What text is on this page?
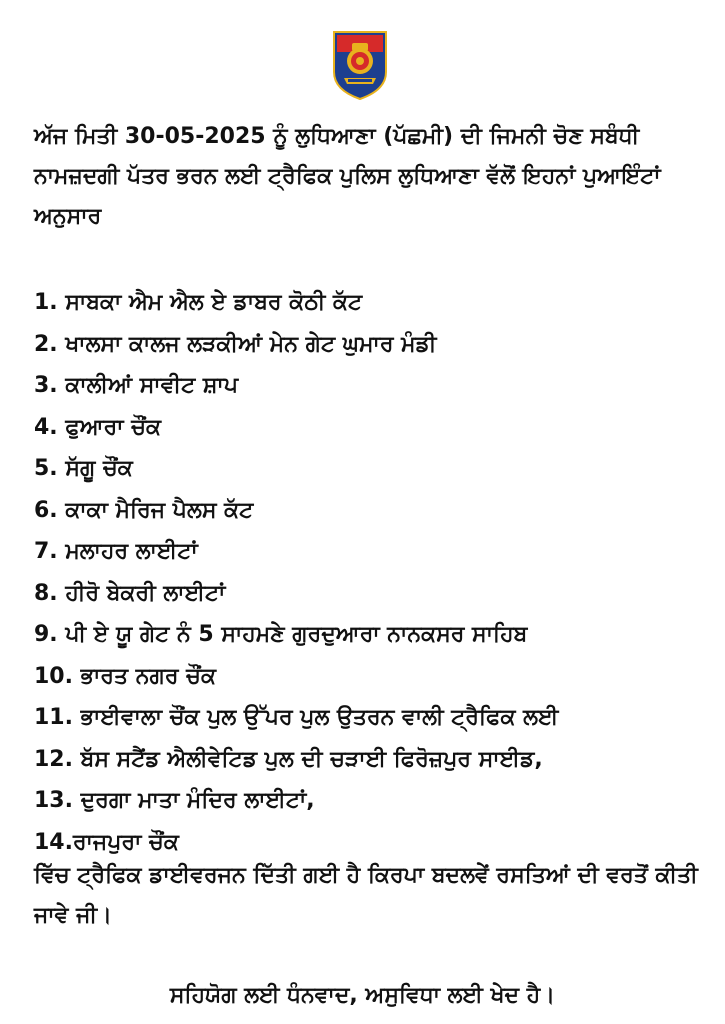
ਅੱਜ ਮਿਤੀ 30-05-2025 ਨੂੰ ਲੁਧਿਆਣਾ (ਪੱਛਮੀ) ਦੀ ਜਿਮਨੀ ਚੋਣ ਸਬੰਧੀ ਨਾਮਜ਼ਦਗੀ ਪੱਤਰ ਭਰਨ ਲਈ ਟ੍ਰੈਫਿਕ ਪੁਲਿਸ ਲੁਧਿਆਣਾ ਵੱਲੋਂ ਇਹਨਾਂ ਪੁਆਇੰਟਾਂ ਅਨੁਸਾਰ

1. ਸਾਬਕਾ ਐਮ ਐਲ ਏ ਡਾਬਰ ਕੋਠੀ ਕੱਟ
2. ਖਾਲਸਾ ਕਾਲਜ ਲੜਕੀਆਂ ਮੇਨ ਗੇਟ ਘੁਮਾਰ ਮੰਡੀ
3. ਕਾਲੀਆਂ ਸਾਵੀਟ ਸ਼ਾਪ
4. ਫੁਆਰਾ ਚੌਂਕ
5. ਸੱਗੂ ਚੌਂਕ
6. ਕਾਕਾ ਮੈਰਿਜ ਪੈਲਸ ਕੱਟ
7. ਮਲਾਹਰ ਲਾਈਟਾਂ
8. ਹੀਰੋ ਬੇਕਰੀ ਲਾਈਟਾਂ
9. ਪੀ ਏ ਯੂ ਗੇਟ ਨੰ 5 ਸਾਹਮਣੇ ਗੁਰਦੁਆਰਾ ਨਾਨਕਸਰ ਸਾਹਿਬ
10. ਭਾਰਤ ਨਗਰ ਚੌਂਕ
11. ਭਾਈਵਾਲਾ ਚੌਂਕ ਪੁਲ ਉੱਪਰ ਪੁਲ ਉਤਰਨ ਵਾਲੀ ਟ੍ਰੈਫਿਕ ਲਈ
12. ਬੱਸ ਸਟੈਂਡ ਐਲੀਵੇਟਿਡ ਪੁਲ ਦੀ ਚੜਾਈ ਫਿਰੋਜ਼ਪੁਰ ਸਾਈਡ,
13. ਦੁਰਗਾ ਮਾਤਾ ਮੰਦਿਰ ਲਾਈਟਾਂ,
14.ਰਾਜਪੁਰਾ ਚੌਂਕ

ਵਿੱਚ ਟ੍ਰੈਫਿਕ ਡਾਈਵਰਜਨ ਦਿੱਤੀ ਗਈ ਹੈ ਕਿਰਪਾ ਬਦਲਵੇਂ ਰਸਤਿਆਂ ਦੀ ਵਰਤੋਂ ਕੀਤੀ ਜਾਵੇ ਜੀ।

ਸਹਿਯੋਗ ਲਈ ਧੰਨਵਾਦ, ਅਸੁਵਿਧਾ ਲਈ ਖੇਦ ਹੈ।
